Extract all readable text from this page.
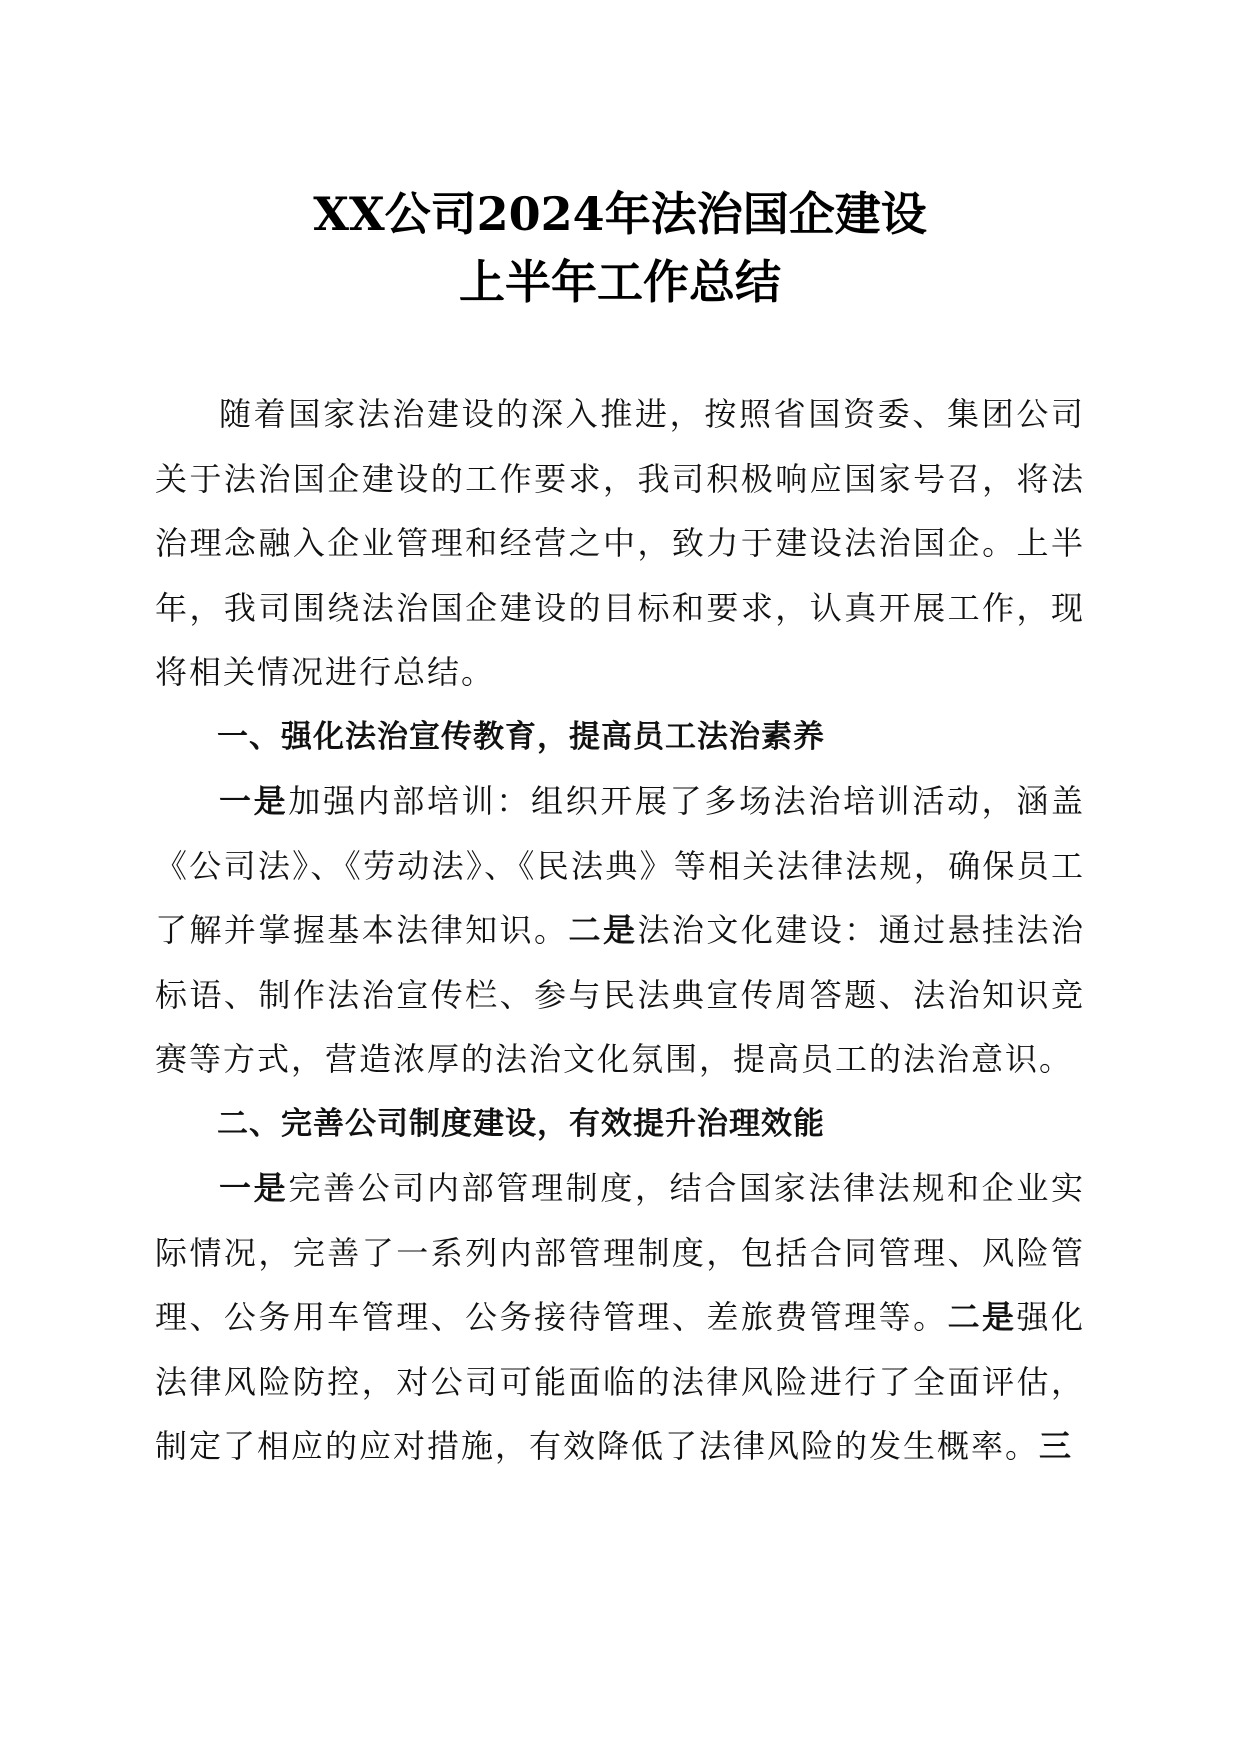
XX公司2024年法治国企建设
上半年工作总结

随着国家法治建设的深入推进，按照省国资委、集团公司关于法治国企建设的工作要求，我司积极响应国家号召，将法治理念融入企业管理和经营之中，致力于建设法治国企。上半年，我司围绕法治国企建设的目标和要求，认真开展工作，现将相关情况进行总结。

一、强化法治宣传教育，提高员工法治素养

一是加强内部培训：组织开展了多场法治培训活动，涵盖《公司法》、《劳动法》、《民法典》等相关法律法规，确保员工了解并掌握基本法律知识。二是法治文化建设：通过悬挂法治标语、制作法治宣传栏、参与民法典宣传周答题、法治知识竞赛等方式，营造浓厚的法治文化氛围，提高员工的法治意识。

二、完善公司制度建设，有效提升治理效能

一是完善公司内部管理制度，结合国家法律法规和企业实际情况，完善了一系列内部管理制度，包括合同管理、风险管理、公务用车管理、公务接待管理、差旅费管理等。二是强化法律风险防控，对公司可能面临的法律风险进行了全面评估，制定了相应的应对措施，有效降低了法律风险的发生概率。三
